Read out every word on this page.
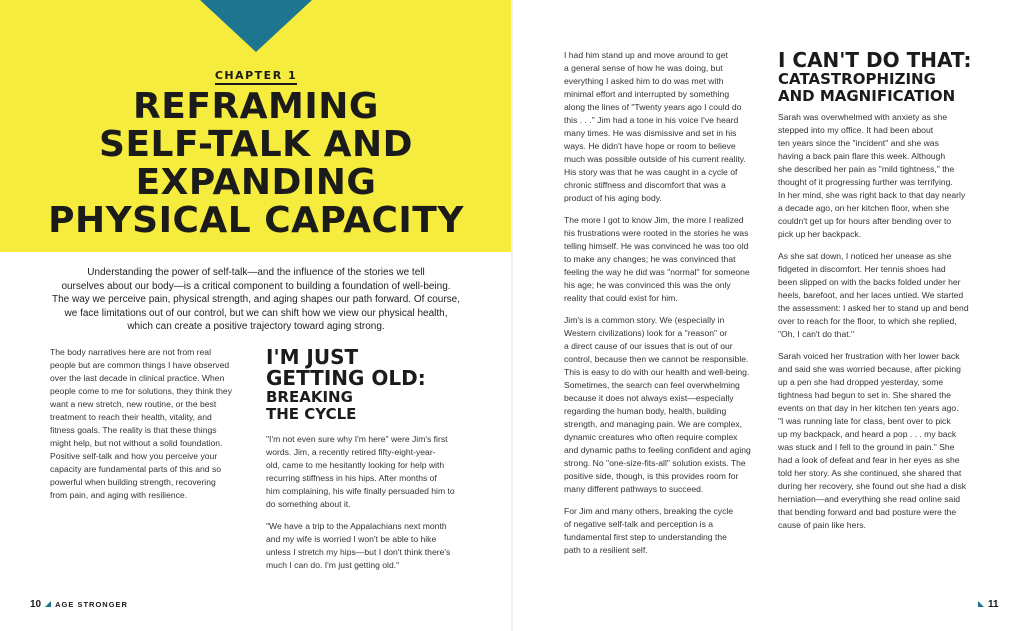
CHAPTER 1
REFRAMING
SELF-TALK AND
EXPANDING
PHYSICAL CAPACITY
Understanding the power of self-talk—and the influence of the stories we tell
ourselves about our body—is a critical component to building a foundation of well-being.
The way we perceive pain, physical strength, and aging shapes our path forward. Of course,
we face limitations out of our control, but we can shift how we view our physical health,
which can create a positive trajectory toward aging strong.
The body narratives here are not from real
people but are common things I have observed
over the last decade in clinical practice. When
people come to me for solutions, they think they
want a new stretch, new routine, or the best
treatment to reach their health, vitality, and
fitness goals. The reality is that these things
might help, but not without a solid foundation.
Positive self-talk and how you perceive your
capacity are fundamental parts of this and so
powerful when building strength, recovering
from pain, and aging with resilience.
I'M JUST
GETTING OLD:
BREAKING
THE CYCLE
"I'm not even sure why I'm here" were Jim's first
words. Jim, a recently retired fifty-eight-year-
old, came to me hesitantly looking for help with
recurring stiffness in his hips. After months of
him complaining, his wife finally persuaded him to
do something about it.
"We have a trip to the Appalachians next month
and my wife is worried I won't be able to hike
unless I stretch my hips—but I don't think there's
much I can do. I'm just getting old."
10 AGE STRONGER
I had him stand up and move around to get
a general sense of how he was doing, but
everything I asked him to do was met with
minimal effort and interrupted by something
along the lines of "Twenty years ago I could do
this . . ." Jim had a tone in his voice I've heard
many times. He was dismissive and set in his
ways. He didn't have hope or room to believe
much was possible outside of his current reality.
His story was that he was caught in a cycle of
chronic stiffness and discomfort that was a
product of his aging body.
The more I got to know Jim, the more I realized
his frustrations were rooted in the stories he was
telling himself. He was convinced he was too old
to make any changes; he was convinced that
feeling the way he did was "normal" for someone
his age; he was convinced this was the only
reality that could exist for him.
Jim's is a common story. We (especially in
Western civilizations) look for a "reason" or
a direct cause of our issues that is out of our
control, because then we cannot be responsible.
This is easy to do with our health and well-being.
Sometimes, the search can feel overwhelming
because it does not always exist—especially
regarding the human body, health, building
strength, and managing pain. We are complex,
dynamic creatures who often require complex
and dynamic paths to feeling confident and aging
strong. No "one-size-fits-all" solution exists. The
positive side, though, is this provides room for
many different pathways to succeed.
For Jim and many others, breaking the cycle
of negative self-talk and perception is a
fundamental first step to understanding the
path to a resilient self.
I CAN'T DO THAT:
CATASTROPHIZING
AND MAGNIFICATION
Sarah was overwhelmed with anxiety as she
stepped into my office. It had been about
ten years since the "incident" and she was
having a back pain flare this week. Although
she described her pain as "mild tightness," the
thought of it progressing further was terrifying.
In her mind, she was right back to that day nearly
a decade ago, on her kitchen floor, when she
couldn't get up for hours after bending over to
pick up her backpack.
As she sat down, I noticed her unease as she
fidgeted in discomfort. Her tennis shoes had
been slipped on with the backs folded under her
heels, barefoot, and her laces untied. We started
the assessment: I asked her to stand up and bend
over to reach for the floor, to which she replied,
"Oh, I can't do that."
Sarah voiced her frustration with her lower back
and said she was worried because, after picking
up a pen she had dropped yesterday, some
tightness had begun to set in. She shared the
events on that day in her kitchen ten years ago.
"I was running late for class, bent over to pick
up my backpack, and heard a pop . . . my back
was stuck and I fell to the ground in pain." She
had a look of defeat and fear in her eyes as she
told her story. As she continued, she shared that
during her recovery, she found out she had a disk
herniation—and everything she read online said
that bending forward and bad posture were the
cause of pain like hers.
11
